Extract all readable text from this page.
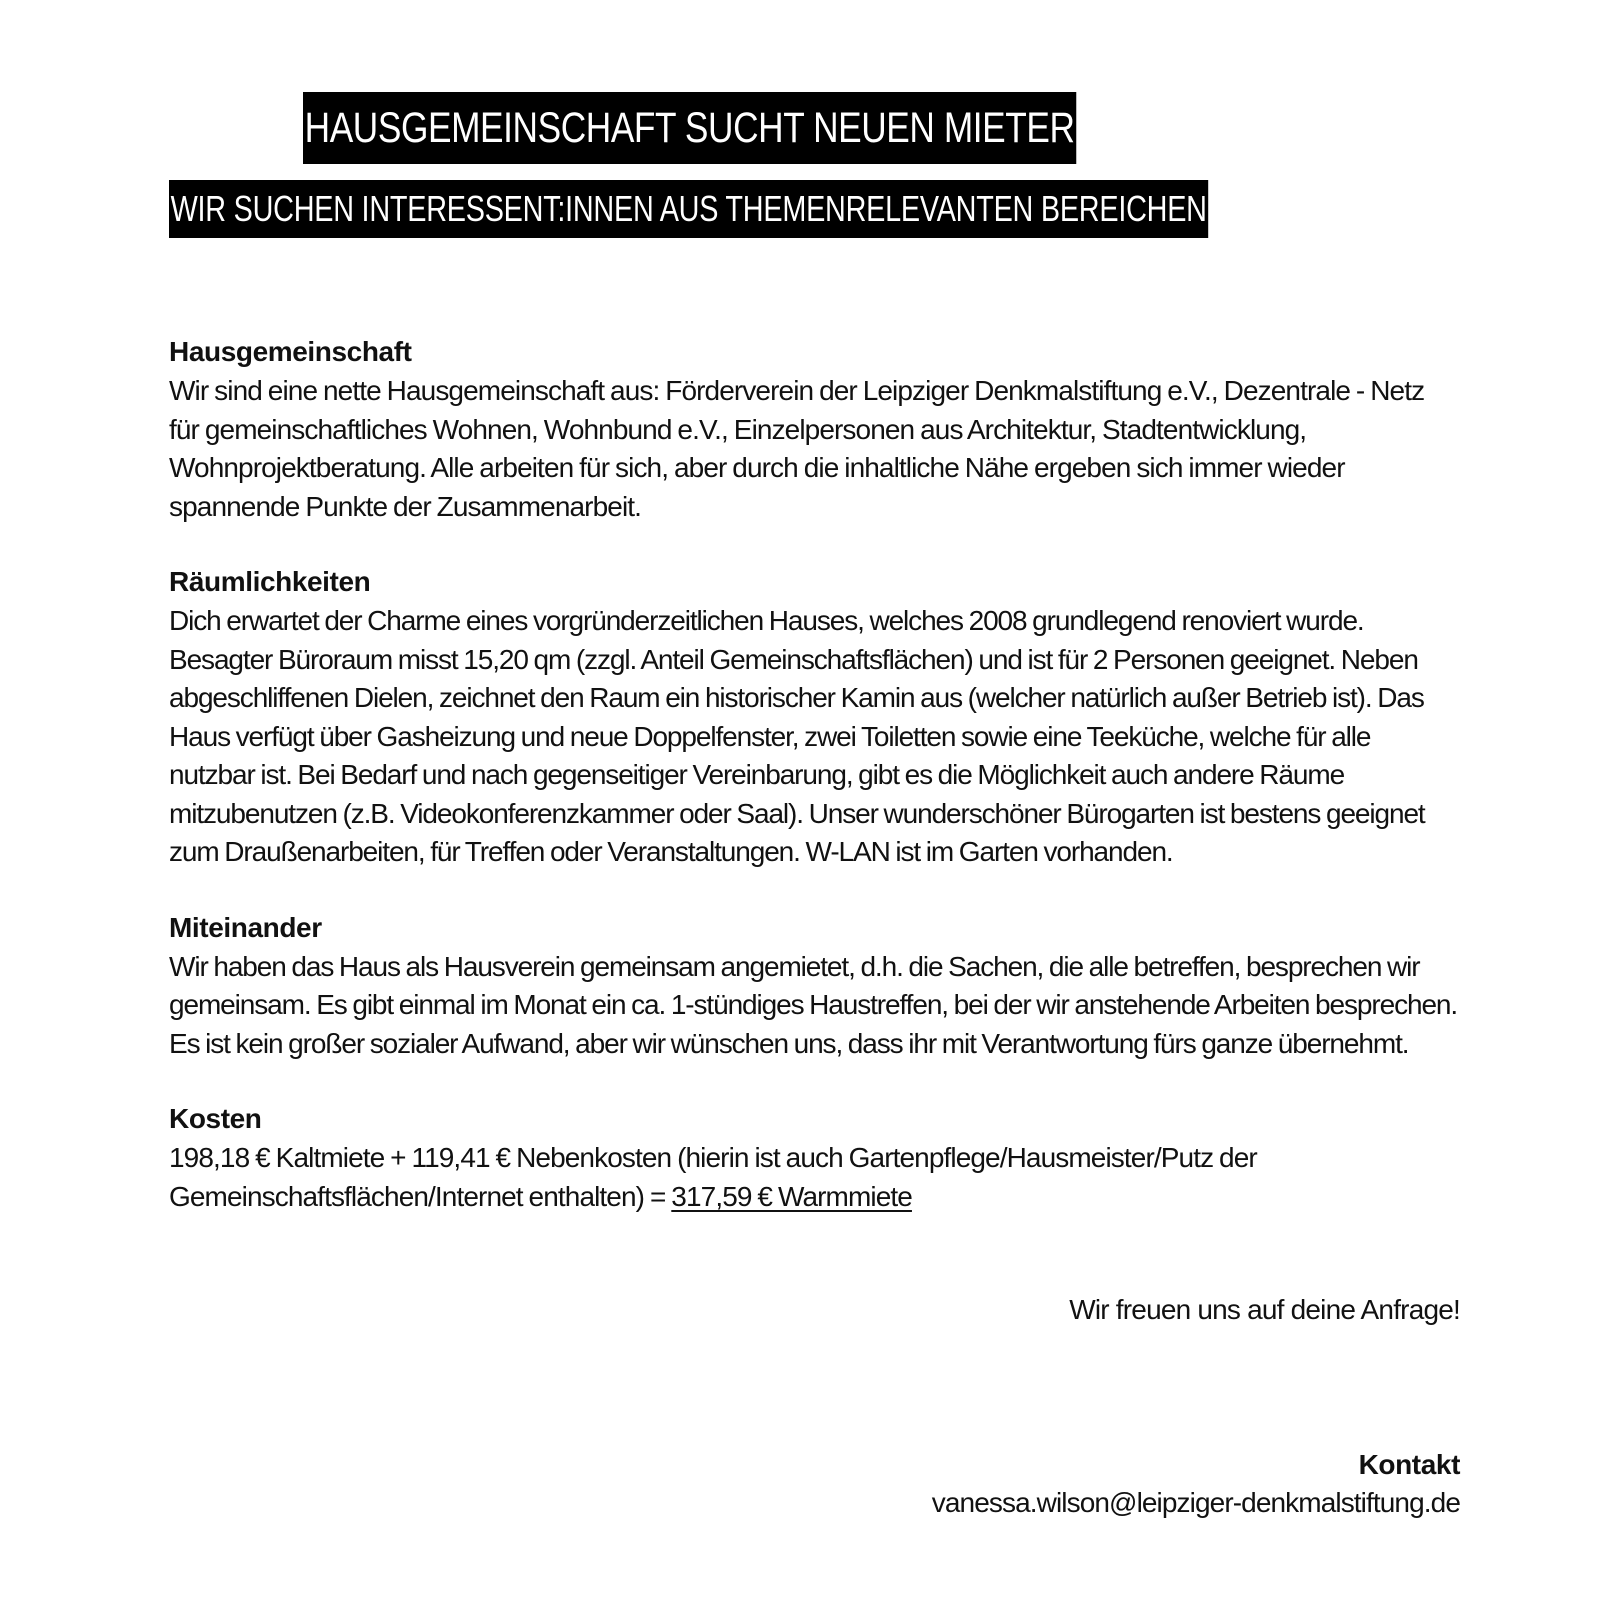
HAUSGEMEINSCHAFT SUCHT NEUEN MIETER
WIR SUCHEN INTERESSENT:INNEN AUS THEMENRELEVANTEN BEREICHEN
Hausgemeinschaft

Wir sind eine nette Hausgemeinschaft aus: Förderverein der Leipziger Denkmalstiftung e.V., Dezentrale - Netz für gemeinschaftliches Wohnen, Wohnbund e.V., Einzelpersonen aus Architektur, Stadtentwicklung, Wohnprojektberatung. Alle arbeiten für sich, aber durch die inhaltliche Nähe ergeben sich immer wieder spannende Punkte der Zusammenarbeit.

Räumlichkeiten

Dich erwartet der Charme eines vorgründerzeitlichen Hauses, welches 2008 grundlegend renoviert wurde. Besagter Büroraum misst 15,20 qm (zzgl. Anteil Gemeinschaftsflächen) und ist für 2 Personen geeignet. Neben abgeschliffenen Dielen, zeichnet den Raum ein historischer Kamin aus (welcher natürlich außer Betrieb ist). Das Haus verfügt über Gasheizung und neue Doppelfenster, zwei Toiletten sowie eine Teeküche, welche für alle nutzbar ist. Bei Bedarf und nach gegenseitiger Vereinbarung, gibt es die Möglichkeit auch andere Räume mitzubenutzen (z.B. Videokonferenzkammer oder Saal). Unser wunderschöner Bürogarten ist bestens geeignet zum Draußenarbeiten, für Treffen oder Veranstaltungen. W-LAN ist im Garten vorhanden.

Miteinander

Wir haben das Haus als Hausverein gemeinsam angemietet, d.h. die Sachen, die alle betreffen, besprechen wir gemeinsam. Es gibt einmal im Monat ein ca. 1-stündiges Haustreffen, bei der wir anstehende Arbeiten besprechen. Es ist kein großer sozialer Aufwand, aber wir wünschen uns, dass ihr mit Verantwortung fürs ganze übernehmt.

Kosten

198,18 € Kaltmiete + 119,41 € Nebenkosten (hierin ist auch Gartenpflege/Hausmeister/Putz der Gemeinschaftsflächen/Internet enthalten) = 317,59 € Warmmiete

Wir freuen uns auf deine Anfrage!
Kontakt
vanessa.wilson@leipziger-denkmalstiftung.de
